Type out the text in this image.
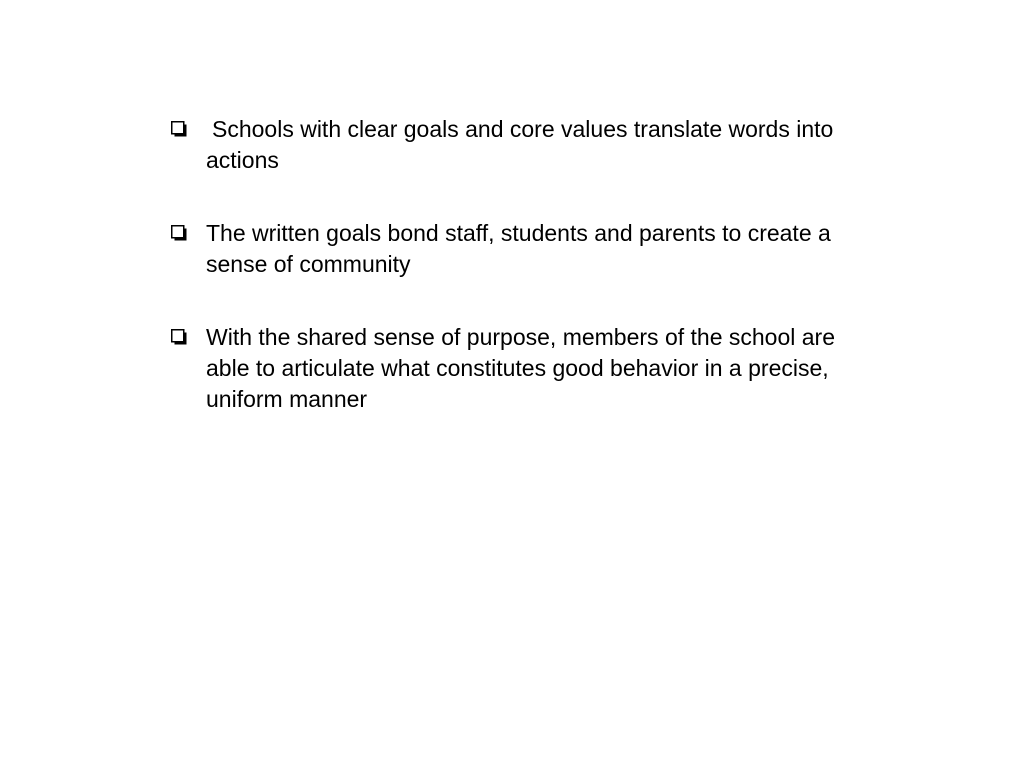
Schools with clear goals and core values translate words into actions
The written goals bond staff, students and parents to create a sense of community
With the shared sense of purpose, members of the school are able to articulate what constitutes good behavior in a precise, uniform manner
